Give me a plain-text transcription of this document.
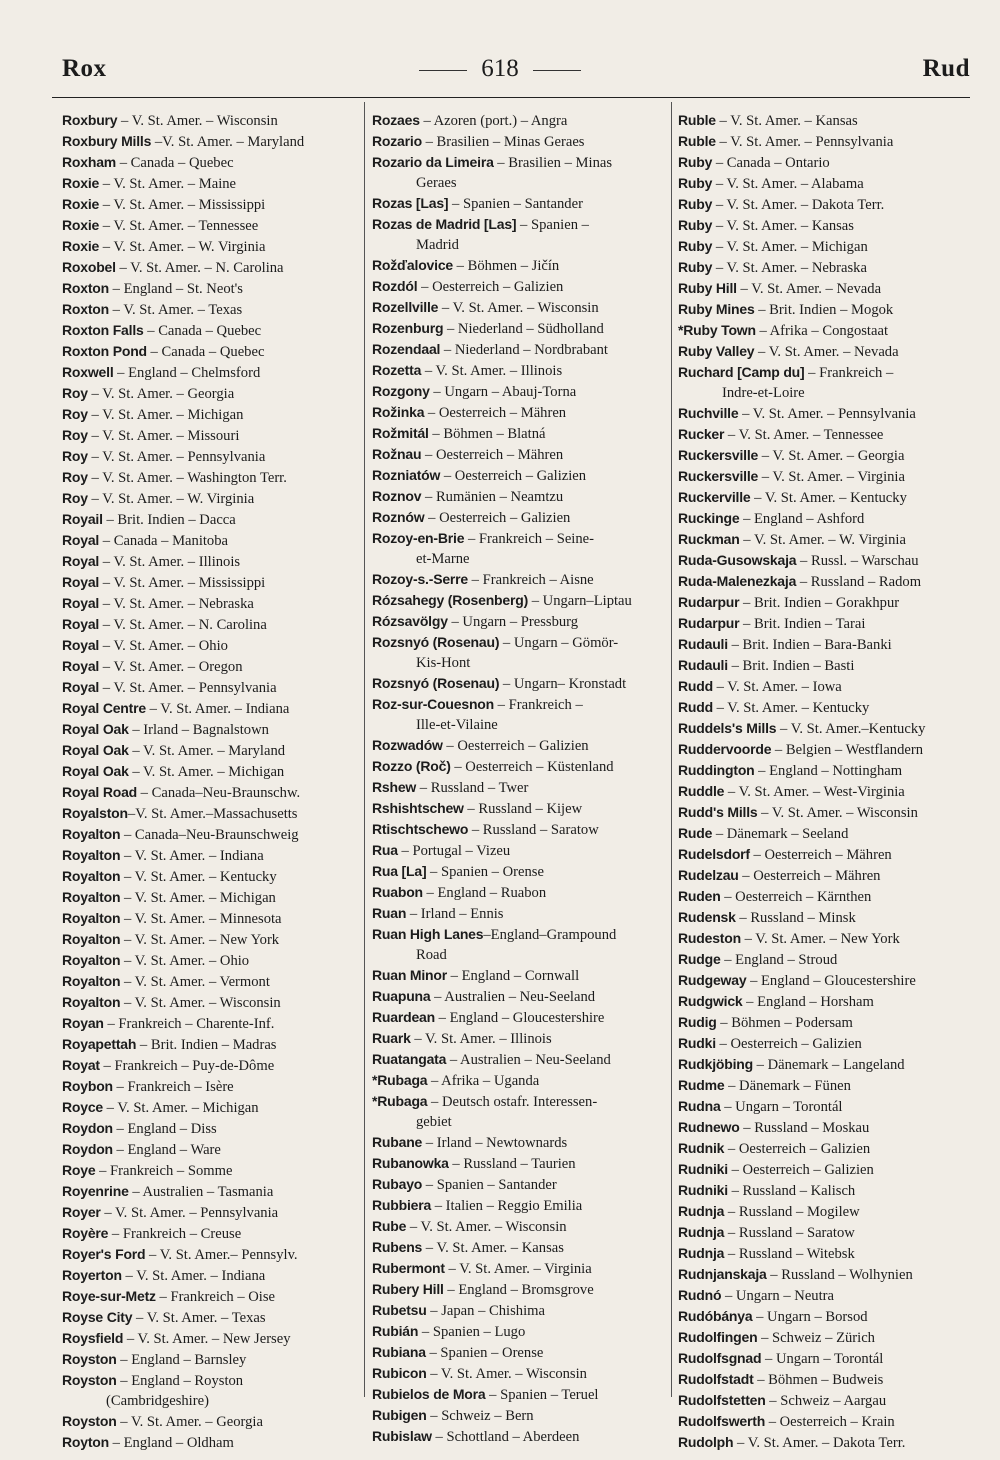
Rox	618	Rud
Roxbury – V. St. Amer. – Wisconsin
Roxbury Mills –V. St. Amer. – Maryland
Roxham – Canada – Quebec
Roxie – V. St. Amer. – Maine
Roxie – V. St. Amer. – Mississippi
Roxie – V. St. Amer. – Tennessee
Roxie – V. St. Amer. – W. Virginia
Roxobel – V. St. Amer. – N. Carolina
Roxton – England – St. Neot's
Roxton – V. St. Amer. – Texas
Roxton Falls – Canada – Quebec
Roxton Pond – Canada – Quebec
Roxwell – England – Chelmsford
Roy – V. St. Amer. – Georgia
Roy – V. St. Amer. – Michigan
Roy – V. St. Amer. – Missouri
Roy – V. St. Amer. – Pennsylvania
Roy – V. St. Amer. – Washington Terr.
Roy – V. St. Amer. – W. Virginia
Royail – Brit. Indien – Dacca
Royal – Canada – Manitoba
Royal – V. St. Amer. – Illinois
Royal – V. St. Amer. – Mississippi
Royal – V. St. Amer. – Nebraska
Royal – V. St. Amer. – N. Carolina
Royal – V. St. Amer. – Ohio
Royal – V. St. Amer. – Oregon
Royal – V. St. Amer. – Pennsylvania
Royal Centre – V. St. Amer. – Indiana
Royal Oak – Irland – Bagnalstown
Royal Oak – V. St. Amer. – Maryland
Royal Oak – V. St. Amer. – Michigan
Royal Road – Canada–Neu-Braunschw.
Royalston–V. St. Amer.–Massachusetts
Royalton – Canada–Neu-Braunschweig
Royalton – V. St. Amer. – Indiana
Royalton – V. St. Amer. – Kentucky
Royalton – V. St. Amer. – Michigan
Royalton – V. St. Amer. – Minnesota
Royalton – V. St. Amer. – New York
Royalton – V. St. Amer. – Ohio
Royalton – V. St. Amer. – Vermont
Royalton – V. St. Amer. – Wisconsin
Royan – Frankreich – Charente-Inf.
Royapettah – Brit. Indien – Madras
Royat – Frankreich – Puy-de-Dôme
Roybon – Frankreich – Isère
Royce – V. St. Amer. – Michigan
Roydon – England – Diss
Roydon – England – Ware
Roye – Frankreich – Somme
Royenrine – Australien – Tasmania
Royer – V. St. Amer. – Pennsylvania
Royère – Frankreich – Creuse
Royer's Ford – V. St. Amer.– Pennsylv.
Royerton – V. St. Amer. – Indiana
Roye-sur-Metz – Frankreich – Oise
Royse City – V. St. Amer. – Texas
Roysfield – V. St. Amer. – New Jersey
Royston – England – Barnsley
Royston – England – Royston
(Cambridgeshire)
Royston – V. St. Amer. – Georgia
Royton – England – Oldham
Rozaes – Azoren (port.) – Angra
Rozario – Brasilien – Minas Geraes
Rozario da Limeira – Brasilien – Minas
Geraes
Rozas [Las] – Spanien – Santander
Rozas de Madrid [Las] – Spanien –
Madrid
Rožďalovice – Böhmen – Jičín
Rozdól – Oesterreich – Galizien
Rozellville – V. St. Amer. – Wisconsin
Rozenburg – Niederland – Südholland
Rozendaal – Niederland – Nordbrabant
Rozetta – V. St. Amer. – Illinois
Rozgony – Ungarn – Abauj-Torna
Rožinka – Oesterreich – Mähren
Rožmitál – Böhmen – Blatná
Rožnau – Oesterreich – Mähren
Rozniatów – Oesterreich – Galizien
Roznov – Rumänien – Neamtzu
Roznów – Oesterreich – Galizien
Rozoy-en-Brie – Frankreich – Seine-
et-Marne
Rozoy-s.-Serre – Frankreich – Aisne
Rózsahegy (Rosenberg) – Ungarn–Liptau
Rózsavölgy – Ungarn – Pressburg
Rozsnyó (Rosenau) – Ungarn – Gömör-
Kis-Hont
Rozsnyó (Rosenau) – Ungarn– Kronstadt
Roz-sur-Couesnon – Frankreich –
Ille-et-Vilaine
Rozwadów – Oesterreich – Galizien
Rozzo (Roč) – Oesterreich – Küstenland
Rshew – Russland – Twer
Rshishtschew – Russland – Kijew
Rtischtschewo – Russland – Saratow
Rua – Portugal – Vizeu
Rua [La] – Spanien – Orense
Ruabon – England – Ruabon
Ruan – Irland – Ennis
Ruan High Lanes–England–Grampound
Road
Ruan Minor – England – Cornwall
Ruapuna – Australien – Neu-Seeland
Ruardean – England – Gloucestershire
Ruark – V. St. Amer. – Illinois
Ruatangata – Australien – Neu-Seeland
*Rubaga – Afrika – Uganda
*Rubaga – Deutsch ostafr. Interessen-
gebiet
Rubane – Irland – Newtownards
Rubanowka – Russland – Taurien
Rubayo – Spanien – Santander
Rubbiera – Italien – Reggio Emilia
Rube – V. St. Amer. – Wisconsin
Rubens – V. St. Amer. – Kansas
Rubermont – V. St. Amer. – Virginia
Rubery Hill – England – Bromsgrove
Rubetsu – Japan – Chishima
Rubián – Spanien – Lugo
Rubiana – Spanien – Orense
Rubicon – V. St. Amer. – Wisconsin
Rubielos de Mora – Spanien – Teruel
Rubigen – Schweiz – Bern
Rubislaw – Schottland – Aberdeen
Ruble – V. St. Amer. – Kansas
Ruble – V. St. Amer. – Pennsylvania
Ruby – Canada – Ontario
Ruby – V. St. Amer. – Alabama
Ruby – V. St. Amer. – Dakota Terr.
Ruby – V. St. Amer. – Kansas
Ruby – V. St. Amer. – Michigan
Ruby – V. St. Amer. – Nebraska
Ruby Hill – V. St. Amer. – Nevada
Ruby Mines – Brit. Indien – Mogok
*Ruby Town – Afrika – Congostaat
Ruby Valley – V. St. Amer. – Nevada
Ruchard [Camp du] – Frankreich –
Indre-et-Loire
Ruchville – V. St. Amer. – Pennsylvania
Rucker – V. St. Amer. – Tennessee
Ruckersville – V. St. Amer. – Georgia
Ruckersville – V. St. Amer. – Virginia
Ruckerville – V. St. Amer. – Kentucky
Ruckinge – England – Ashford
Ruckman – V. St. Amer. – W. Virginia
Ruda-Gusowskaja – Russl. – Warschau
Ruda-Malenezkaja – Russland – Radom
Rudarpur – Brit. Indien – Gorakhpur
Rudarpur – Brit. Indien – Tarai
Rudauli – Brit. Indien – Bara-Banki
Rudauli – Brit. Indien – Basti
Rudd – V. St. Amer. – Iowa
Rudd – V. St. Amer. – Kentucky
Ruddels's Mills – V. St. Amer.–Kentucky
Ruddervoorde – Belgien – Westflandern
Ruddington – England – Nottingham
Ruddle – V. St. Amer. – West-Virginia
Rudd's Mills – V. St. Amer. – Wisconsin
Rude – Dänemark – Seeland
Rudelsdorf – Oesterreich – Mähren
Rudelzau – Oesterreich – Mähren
Ruden – Oesterreich – Kärnthen
Rudensk – Russland – Minsk
Rudeston – V. St. Amer. – New York
Rudge – England – Stroud
Rudgeway – England – Gloucestershire
Rudgwick – England – Horsham
Rudig – Böhmen – Podersam
Rudki – Oesterreich – Galizien
Rudkjöbing – Dänemark – Langeland
Rudme – Dänemark – Fünen
Rudna – Ungarn – Torontál
Rudnewo – Russland – Moskau
Rudnik – Oesterreich – Galizien
Rudniki – Oesterreich – Galizien
Rudniki – Russland – Kalisch
Rudnja – Russland – Mogilew
Rudnja – Russland – Saratow
Rudnja – Russland – Witebsk
Rudnjanskaja – Russland – Wolhynien
Rudnó – Ungarn – Neutra
Rudóbánya – Ungarn – Borsod
Rudolfingen – Schweiz – Zürich
Rudolfsgnad – Ungarn – Torontál
Rudolfstadt – Böhmen – Budweis
Rudolfstetten – Schweiz – Aargau
Rudolfswerth – Oesterreich – Krain
Rudolph – V. St. Amer. – Dakota Terr.
